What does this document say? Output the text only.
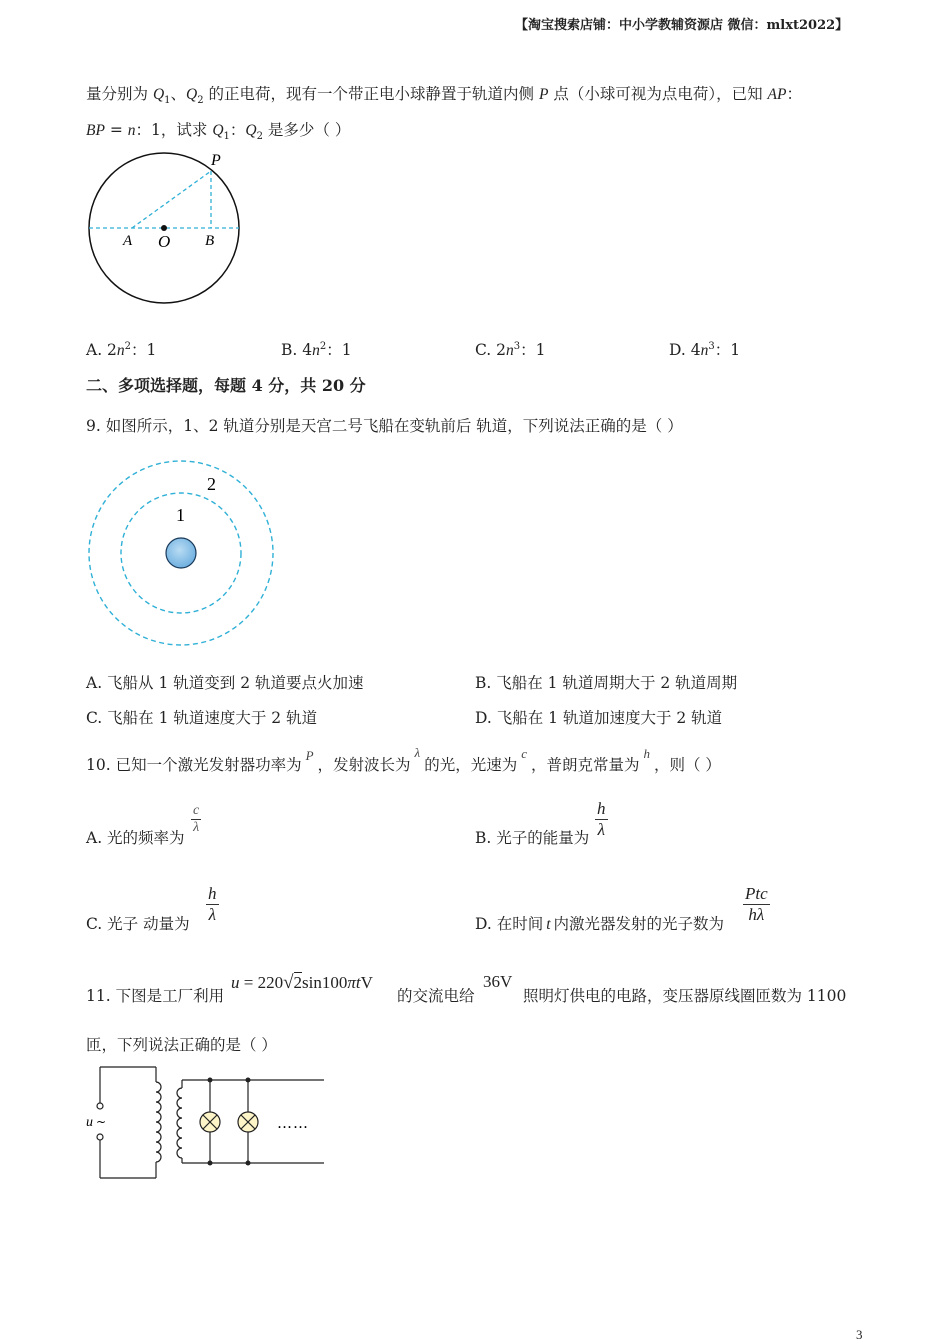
【淘宝搜索店铺：中小学教辅资源店 微信：mlxt2022】
量分别为 $Q_1$、$Q_2$ 的正电荷，现有一个带正电小球静置于轨道内侧 P 点（小球可视为点电荷），已知 AP：
BP = n：1，试求 $Q_1$：$Q_2$ 是多少（ ）
P
A O B
A. $2n^2$：1	B. $4n^2$：1	C. $2n^3$：1	D. $4n^3$：1
二、多项选择题，每题 4 分，共 20 分
9. 如图所示，1、2 轨道分别是天宫二号飞船在变轨前后 轨道，下列说法正确的是（ ）
1
2
A. 飞船从 1 轨道变到 2 轨道要点火加速	B. 飞船在 1 轨道周期大于 2 轨道周期
C. 飞船在 1 轨道速度大于 2 轨道	D. 飞船在 1 轨道加速度大于 2 轨道
10. 已知一个激光发射器功率为$^P$，发射波长为$^\lambda$的光，光速为$^c$，普朗克常量为$^h$，则（ ）
A. 光的频率为
c
λ
B. 光子的能量为
h
λ
C. 光子 动量为
h
λ	D. 在时间 t 内激光器发射的光子数为
Ptc
hλ
11. 下图是工厂利用
u = 220√2sin100πtV
的交流电给
36V
照明灯供电的电路，变压器原线圈匝数为 1100
匝，下列说法正确的是（ ）
u ~	……
3
